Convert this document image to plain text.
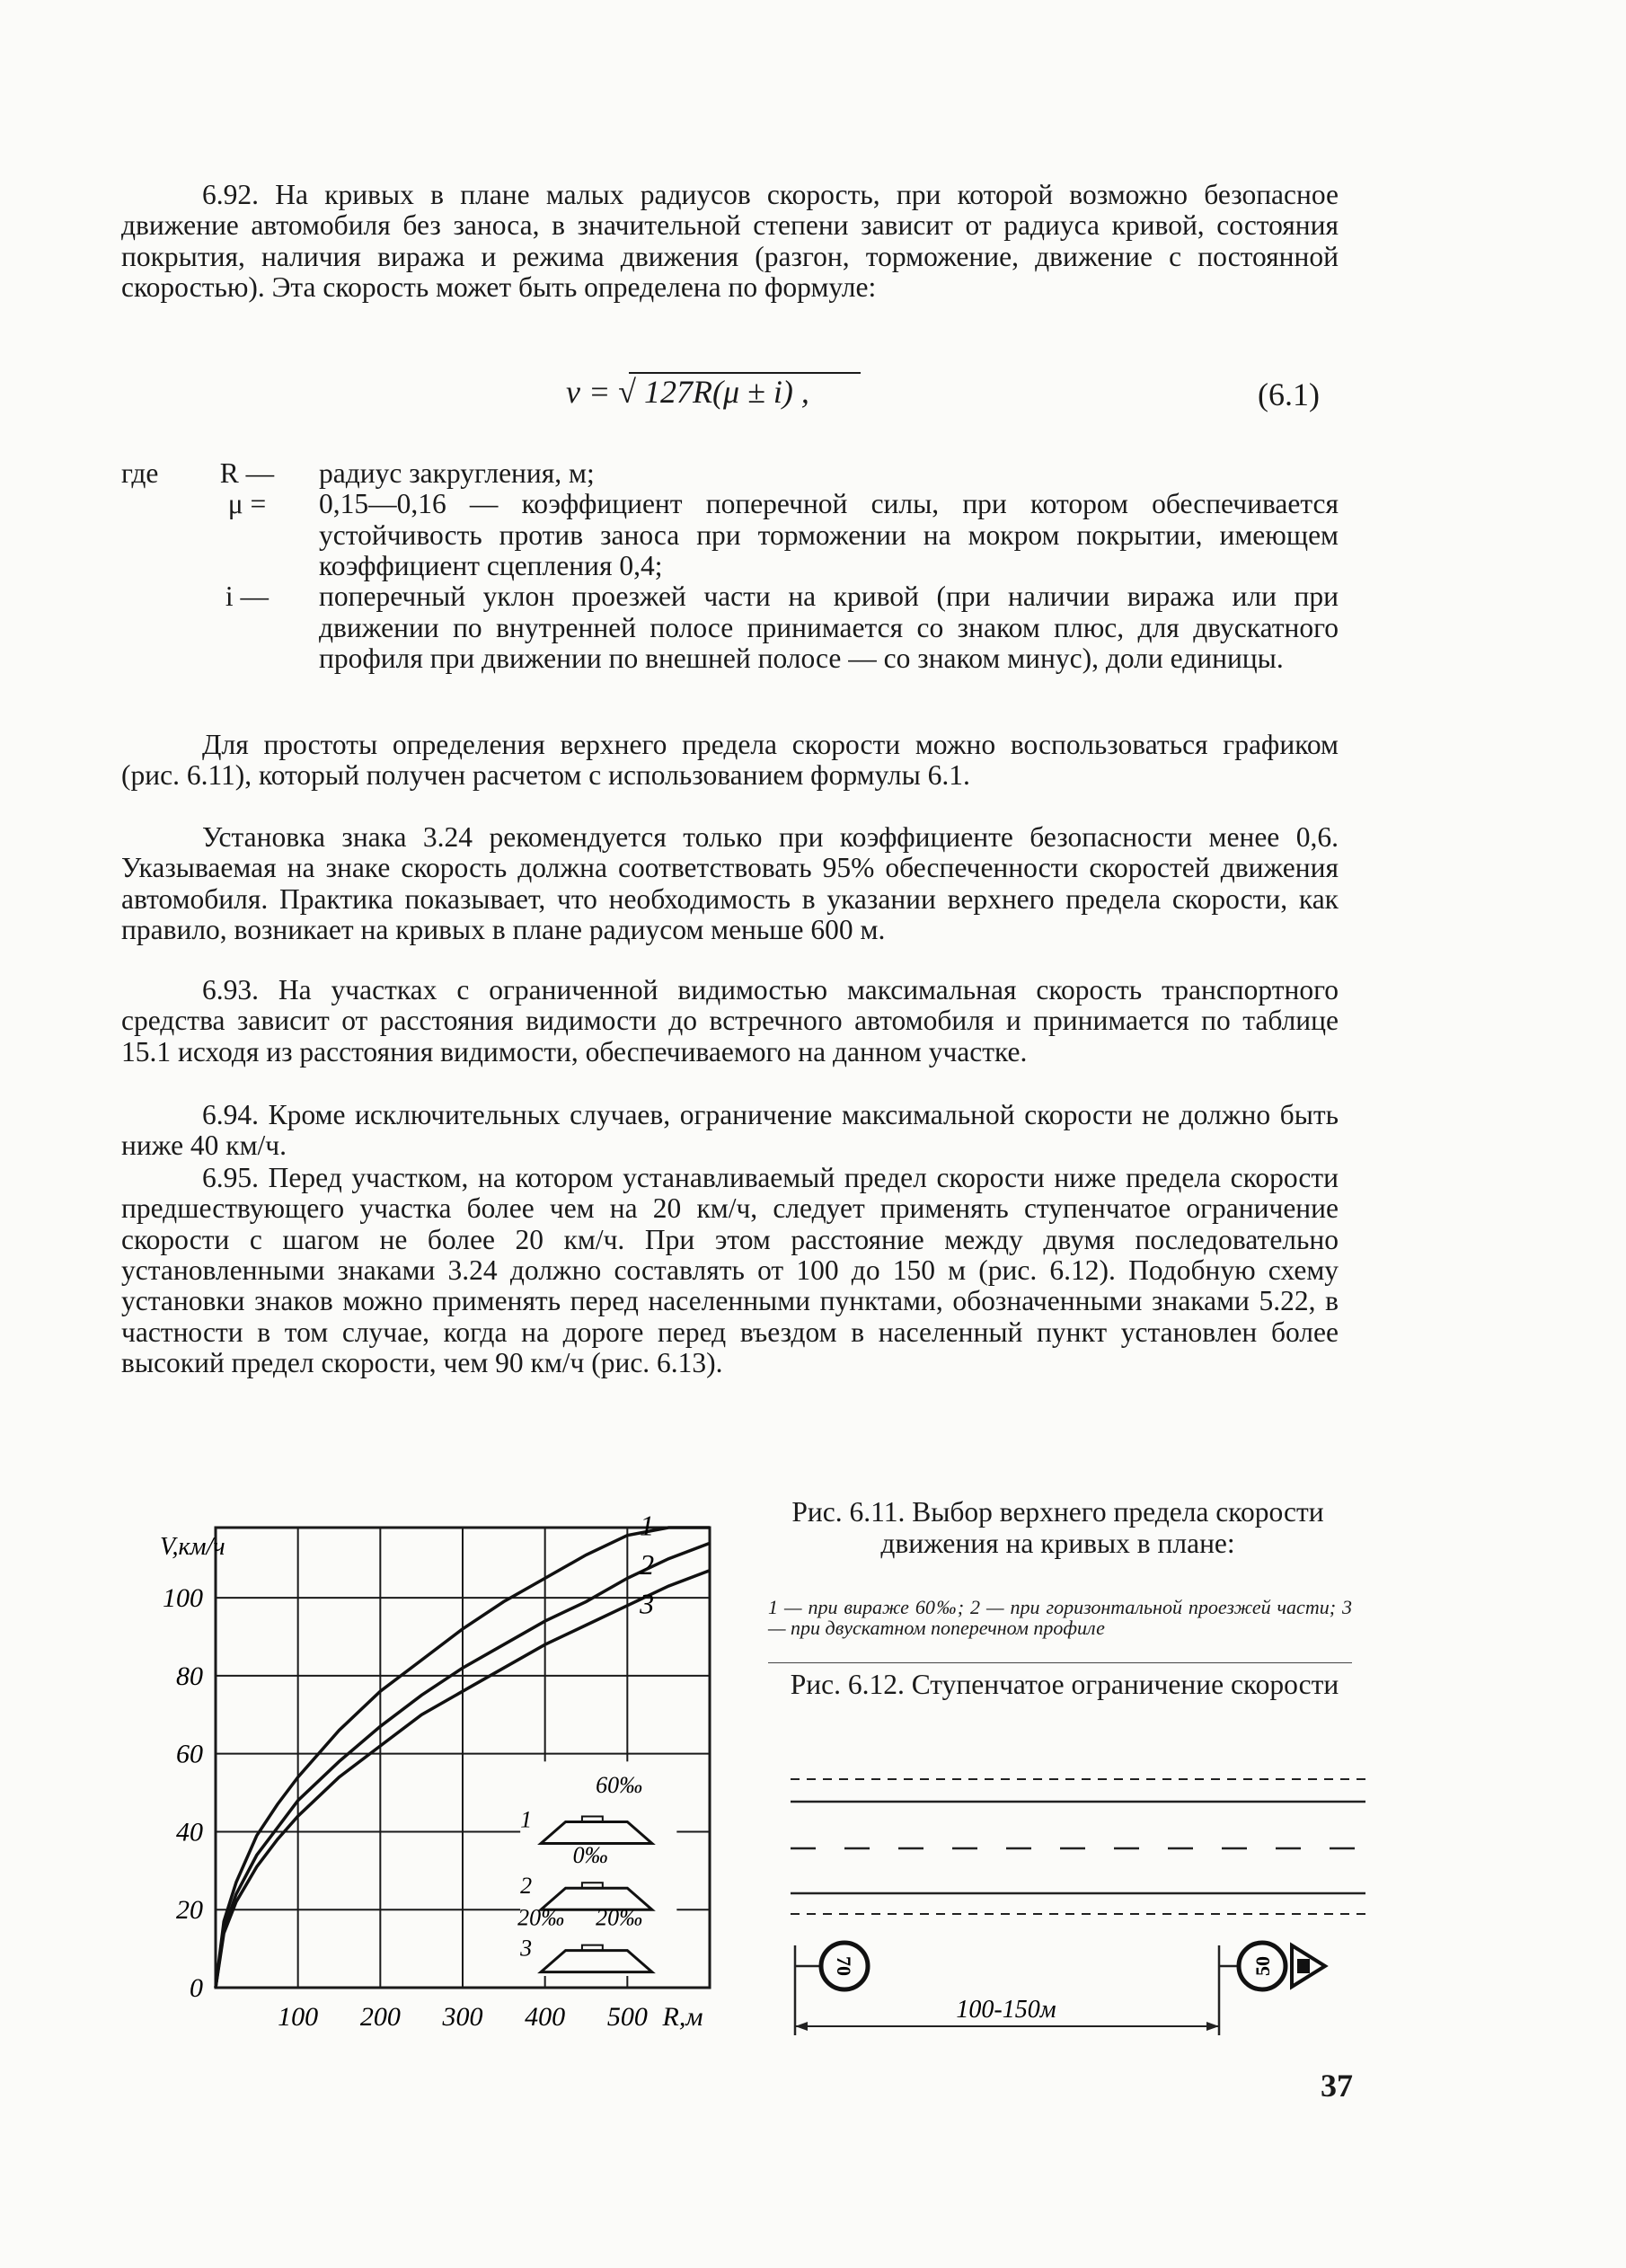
6.92. На кривых в плане малых радиусов скорость, при которой возможно безопасное движение автомобиля без заноса, в значительной степени зависит от радиуса кривой, состояния покрытия, наличия виража и режима движения (разгон, торможение, движение с постоянной скоростью). Эта скорость может быть определена по формуле:

v = √ 127R(μ ± i) ,	(6.1)
где	R —	радиус закругления, м;
	μ =	0,15—0,16 — коэффициент поперечной силы, при котором обеспечивается устойчивость против заноса при торможении на мокром покрытии, имеющем коэффициент сцепления 0,4;
	i —	поперечный уклон проезжей части на кривой (при наличии виража или при движении по внутренней полосе принимается со знаком плюс, для двускатного профиля при движении по внешней полосе — со знаком минус), доли единицы.

Для простоты определения верхнего предела скорости можно воспользоваться графиком (рис. 6.11), который получен расчетом с использованием формулы 6.1.

Установка знака 3.24 рекомендуется только при коэффициенте безопасности менее 0,6. Указываемая на знаке скорость должна соответствовать 95% обеспеченности скоростей движения автомобиля. Практика показывает, что необходимость в указании верхнего предела скорости, как правило, возникает на кривых в плане радиусом меньше 600 м.

6.93. На участках с ограниченной видимостью максимальная скорость транспортного средства зависит от расстояния видимости до встречного автомобиля и принимается по таблице 15.1 исходя из расстояния видимости, обеспечиваемого на данном участке.

6.94. Кроме исключительных случаев, ограничение максимальной скорости не должно быть ниже 40 км/ч.

6.95. Перед участком, на котором устанавливаемый предел скорости ниже предела скорости предшествующего участка более чем на 20 км/ч, следует применять ступенчатое ограничение скорости с шагом не более 20 км/ч. При этом расстояние между двумя последовательно установленными знаками 3.24 должно составлять от 100 до 150 м (рис. 6.12). Подобную схему установки знаков можно применять перед населенными пунктами, обозначенными знаками 5.22, в частности в том случае, когда на дороге перед въездом в населенный пункт установлен более высокий предел скорости, чем 90 км/ч (рис. 6.13).

100 200 300 400 500
0
20
40
60
80
100
R,м
V,км/ч
1
2
3
1
60‰
2
0‰
3
20‰ 20‰
Рис. 6.11. Выбор верхнего предела скорости движения на кривых в плане:
1 — при вираже 60‰; 2 — при горизонтальной проезжей части; 3 — при двускатном поперечном профиле
Рис. 6.12. Ступенчатое ограничение скорости
70	50
100-150м
37
